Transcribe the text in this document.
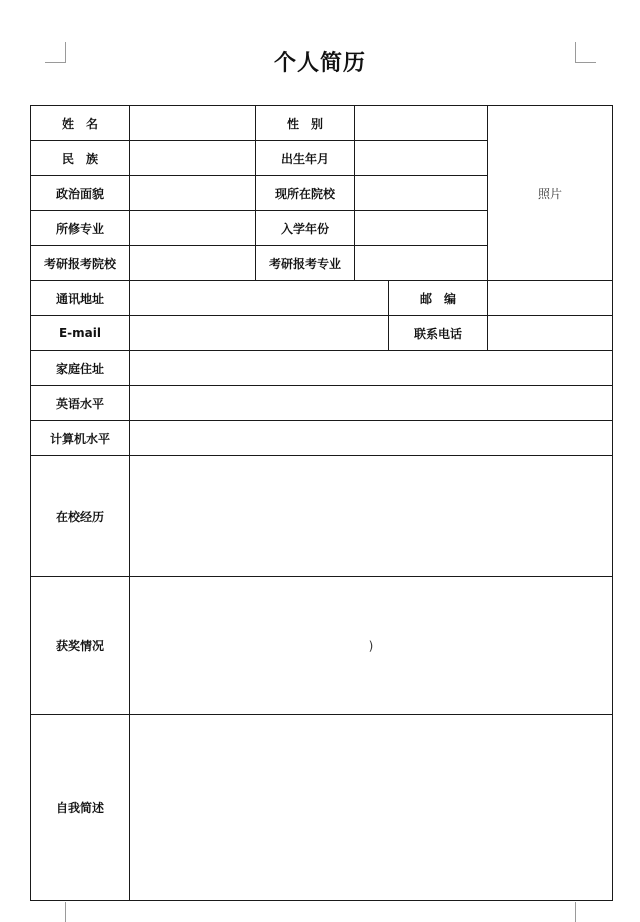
个人简历
姓　名		性　别			照片
民　族		出生年月			
政治面貌		现所在院校			
所修专业		入学年份			
考研报考院校		考研报考专业			
通讯地址				邮　编	
E-mail				联系电话	
家庭住址					
英语水平					
计算机水平					
在校经历					
获奖情况	)				
自我简述					
